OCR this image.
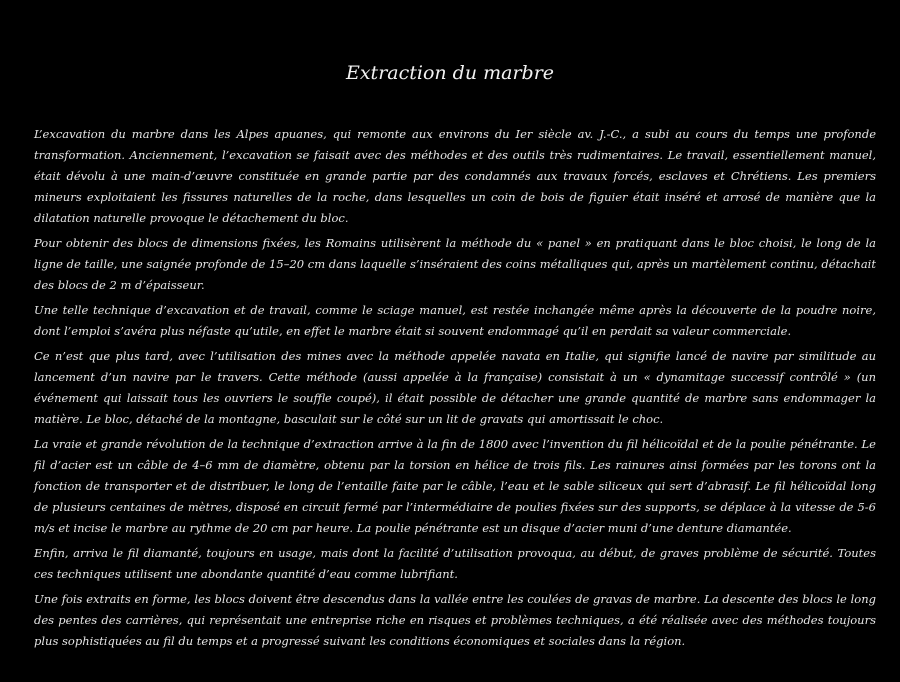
Extraction du marbre

L’excavation du marbre dans les Alpes apuanes, qui remonte aux environs du Ier siècle av. J.-C., a subi au cours du temps une profonde transformation. Anciennement, l’excavation se faisait avec des méthodes et des outils très rudimentaires. Le travail, essentiellement manuel, était dévolu à une main-d’œuvre constituée en grande partie par des condamnés aux travaux forcés, esclaves et Chrétiens. Les premiers mineurs exploitaient les fissures naturelles de la roche, dans lesquelles un coin de bois de figuier était inséré et arrosé de manière que la dilatation naturelle provoque le détachement du bloc.

Pour obtenir des blocs de dimensions fixées, les Romains utilisèrent la méthode du « panel » en pratiquant dans le bloc choisi, le long de la ligne de taille, une saignée profonde de 15–20 cm dans laquelle s’inséraient des coins métalliques qui, après un martèlement continu, détachait des blocs de 2 m d’épaisseur.

Une telle technique d’excavation et de travail, comme le sciage manuel, est restée inchangée même après la découverte de la poudre noire, dont l’emploi s’avéra plus néfaste qu’utile, en effet le marbre était si souvent endommagé qu’il en perdait sa valeur commerciale.

Ce n’est que plus tard, avec l’utilisation des mines avec la méthode appelée navata en Italie, qui signifie lancé de navire par similitude au lancement d’un navire par le travers. Cette méthode (aussi appelée à la française) consistait à un « dynamitage successif contrôlé » (un événement qui laissait tous les ouvriers le souffle coupé), il était possible de détacher une grande quantité de marbre sans endommager la matière. Le bloc, détaché de la montagne, basculait sur le côté sur un lit de gravats qui amortissait le choc.

La vraie et grande révolution de la technique d’extraction arrive à la fin de 1800 avec l’invention du fil hélicoïdal et de la poulie pénétrante. Le fil d’acier est un câble de 4–6 mm de diamètre, obtenu par la torsion en hélice de trois fils. Les rainures ainsi formées par les torons ont la fonction de transporter et de distribuer, le long de l’entaille faite par le câble, l’eau et le sable siliceux qui sert d’abrasif. Le fil hélicoïdal long de plusieurs centaines de mètres, disposé en circuit fermé par l’intermédiaire de poulies fixées sur des supports, se déplace à la vitesse de 5-6 m/s et incise le marbre au rythme de 20 cm par heure. La poulie pénétrante est un disque d’acier muni d’une denture diamantée.

Enfin, arriva le fil diamanté, toujours en usage, mais dont la facilité d’utilisation provoqua, au début, de graves problème de sécurité. Toutes ces techniques utilisent une abondante quantité d’eau comme lubrifiant.

Une fois extraits en forme, les blocs doivent être descendus dans la vallée entre les coulées de gravas de marbre. La descente des blocs le long des pentes des carrières, qui représentait une entreprise riche en risques et problèmes techniques, a été réalisée avec des méthodes toujours plus sophistiquées au fil du temps et a progressé suivant les conditions économiques et sociales dans la région.
